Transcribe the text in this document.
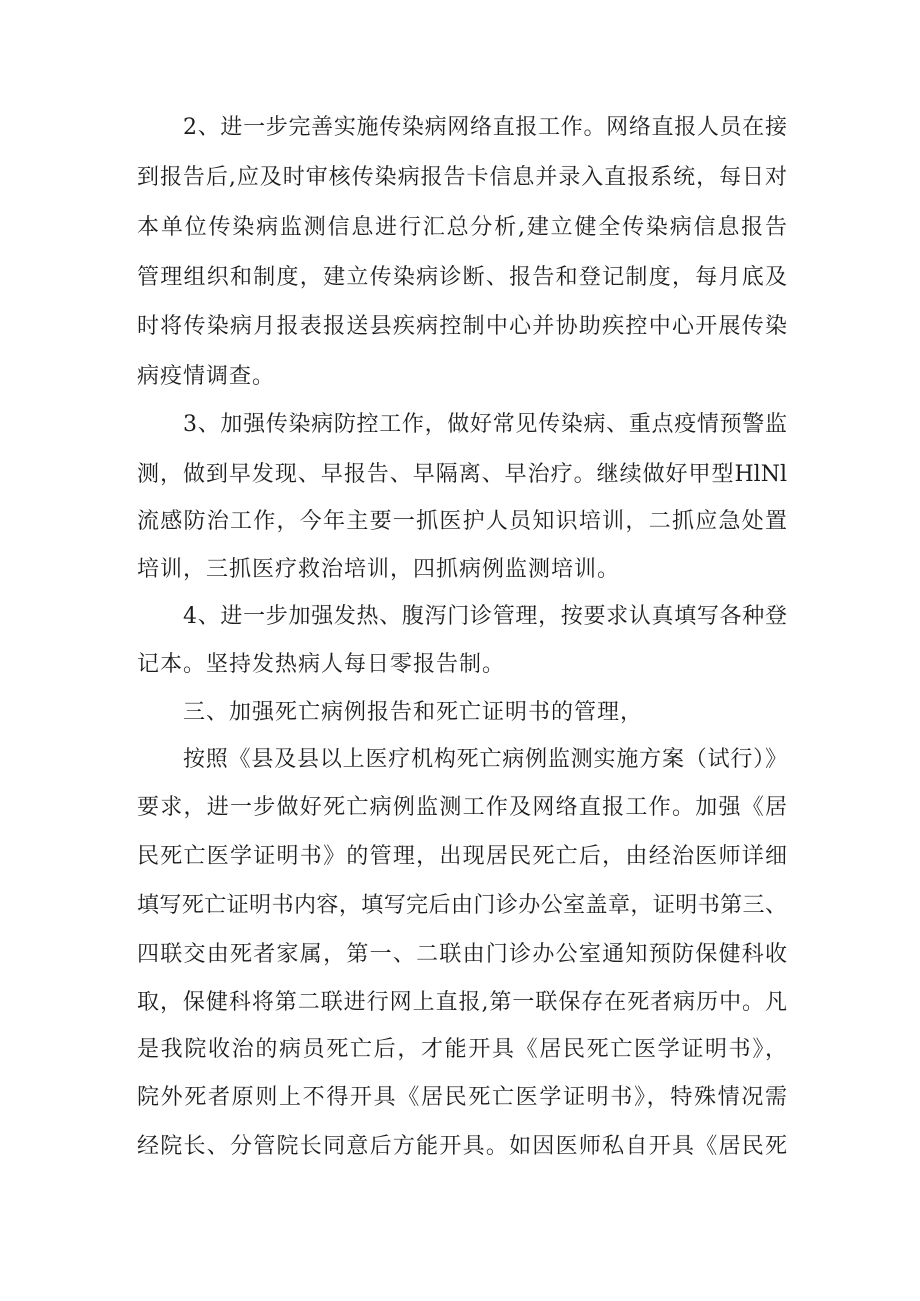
2、进一步完善实施传染病网络直报工作。网络直报人员在接
到报告后,应及时审核传染病报告卡信息并录入直报系统，每日对
本单位传染病监测信息进行汇总分析,建立健全传染病信息报告
管理组织和制度，建立传染病诊断、报告和登记制度，每月底及
时将传染病月报表报送县疾病控制中心并协助疾控中心开展传染
病疫情调查。
3、加强传染病防控工作，做好常见传染病、重点疫情预警监
测，做到早发现、早报告、早隔离、早治疗。继续做好甲型HlNl
流感防治工作，今年主要一抓医护人员知识培训，二抓应急处置
培训，三抓医疗救治培训，四抓病例监测培训。
4、进一步加强发热、腹泻门诊管理，按要求认真填写各种登
记本。坚持发热病人每日零报告制。
三、加强死亡病例报告和死亡证明书的管理，
按照《县及县以上医疗机构死亡病例监测实施方案（试行）》
要求，进一步做好死亡病例监测工作及网络直报工作。加强《居
民死亡医学证明书》的管理，出现居民死亡后，由经治医师详细
填写死亡证明书内容，填写完后由门诊办公室盖章，证明书第三、
四联交由死者家属，第一、二联由门诊办公室通知预防保健科收
取，保健科将第二联进行网上直报,第一联保存在死者病历中。凡
是我院收治的病员死亡后，才能开具《居民死亡医学证明书》，
院外死者原则上不得开具《居民死亡医学证明书》，特殊情况需
经院长、分管院长同意后方能开具。如因医师私自开具《居民死
